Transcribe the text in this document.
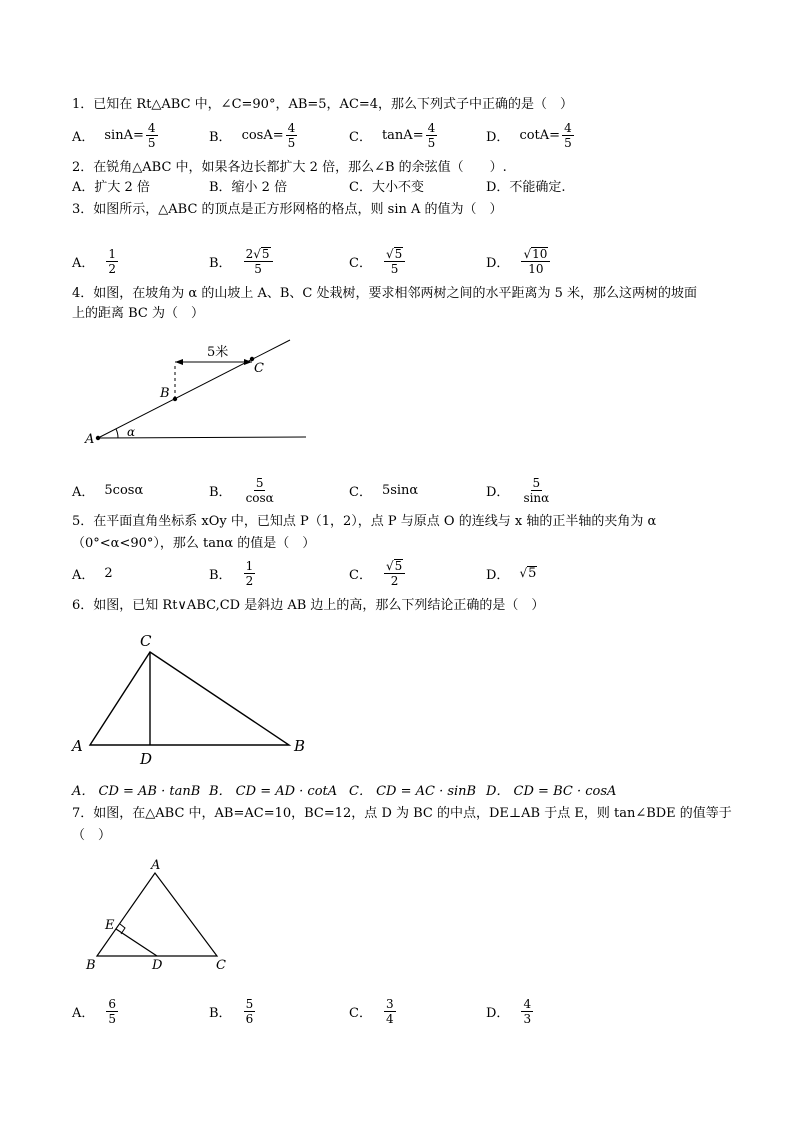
1．已知在 Rt△ABC 中，∠C=90°，AB=5，AC=4，那么下列式子中正确的是（　）
A． $\sin A= \frac{4}{5}$	B． $\cos A= \frac{4}{5}$	C． $\tan A= \frac{4}{5}$	D． $\cot A= \frac{4}{5}$
2．在锐角△ABC 中，如果各边长都扩大 2 倍，那么∠B 的余弦值（　　）.
A．扩大 2 倍	B．缩小 2 倍	C．大小不变	D．不能确定.
3．如图所示，△ABC 的顶点是正方形网格的格点，则 sin A 的值为（　）
A． $\frac{1}{2}$	B． $\frac{2 √ 5}{5}$	C． $\frac{√ 5}{5}$	D． $\frac{√ 10}{10}$
4．如图，在坡角为 α 的山坡上 A、B、C 处栽树，要求相邻两树之间的水平距离为 5 米，那么这两树的坡面
上的距离 BC 为（　）
5米
A
B
C
α
A． 5cosα	B． $\frac{5}{\cos\alpha}$	C． 5sinα	D． $\frac{5}{\sin\alpha}$
5．在平面直角坐标系 xOy 中，已知点 P（1，2），点 P 与原点 O 的连线与 x 轴的正半轴的夹角为 α
（0°<α<90°），那么 tanα 的值是（　）
A． 2	B． $\frac{1}{2}$	C． $\frac{√ 5}{2}$	D． √ 5
6．如图，已知 Rt∨ABC,CD 是斜边 AB 边上的高，那么下列结论正确的是（　）
C
A	B
D
A． CD = AB · tanB B． CD = AD · cotA C． CD = AC · sinB D． CD = BC · cosA
7．如图，在△ABC 中，AB=AC=10，BC=12，点 D 为 BC 的中点，DE⊥AB 于点 E，则 tan∠BDE 的值等于
（　）
A
E
B	D	C
A． $\frac{6}{5}$	B． $\frac{5}{6}$	C． $\frac{3}{4}$	D． $\frac{4}{3}$
